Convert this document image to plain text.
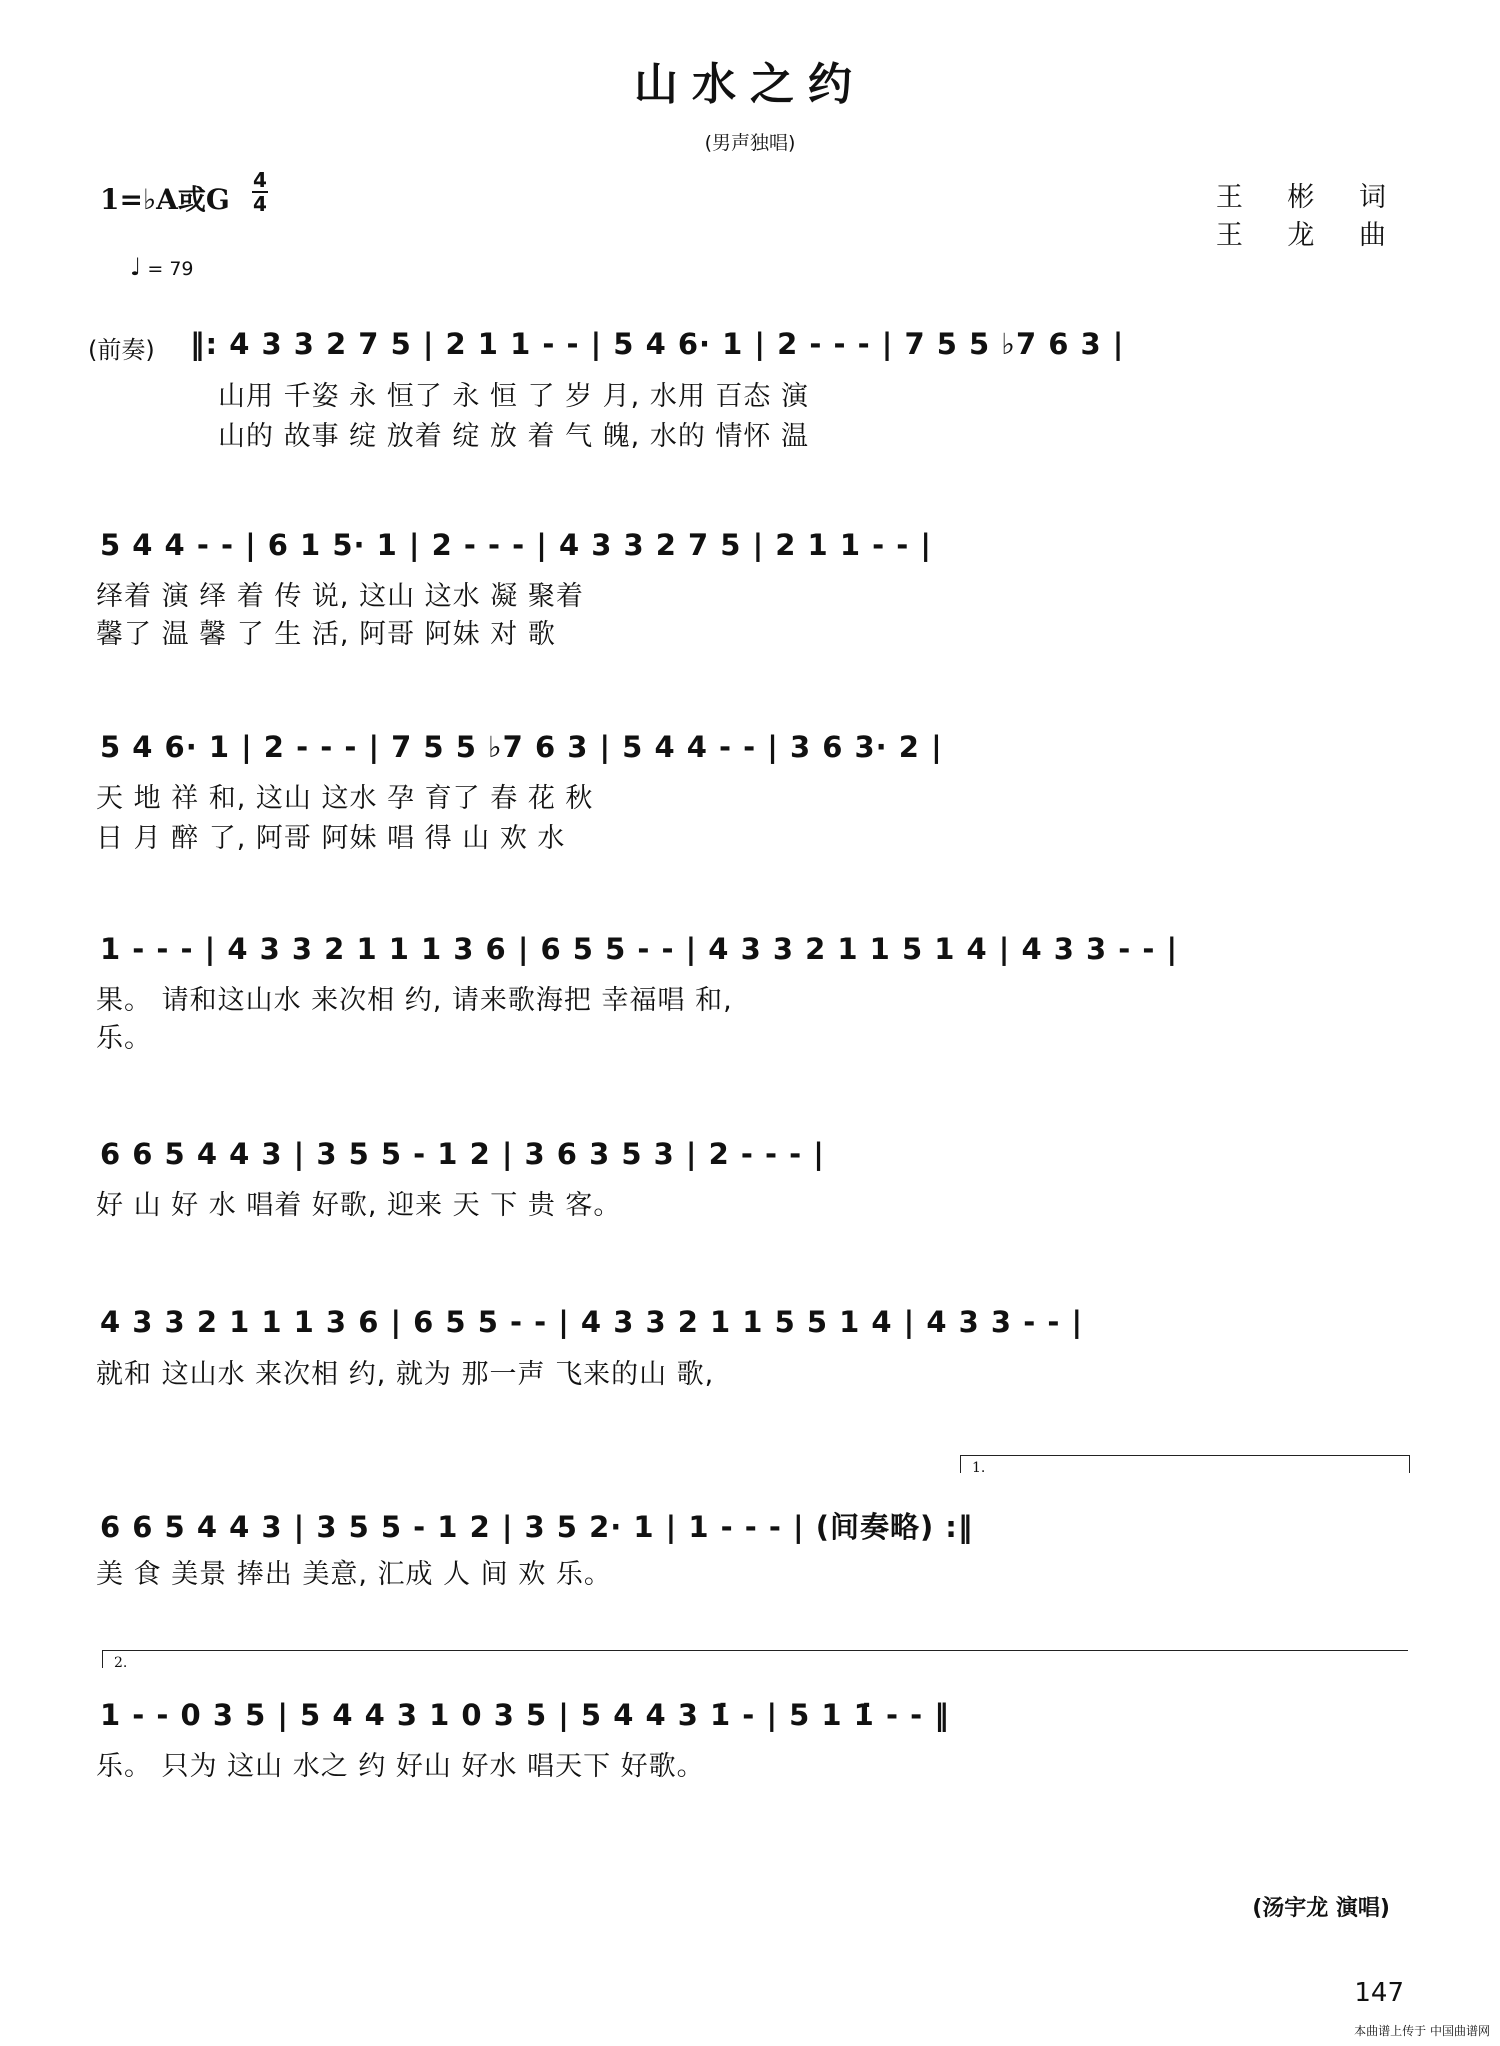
山水之约
(男声独唱)
1=♭A或G
4
4
♩ = 79
王 彬 词
王 龙 曲
(前奏) ‖: 4 3 3 2 7 5 | 2 1 1 - - | 5 4 6· 1 | 2 - - - | 7 5 5 ♭7 6 3 |
山用 千姿 永 恒了 永 恒 了 岁 月, 水用 百态 演
山的 故事 绽 放着 绽 放 着 气 魄, 水的 情怀 温
5 4 4 - - | 6 1 5· 1 | 2 - - - | 4 3 3 2 7 5 | 2 1 1 - - |
绎着 演 绎 着 传 说, 这山 这水 凝 聚着
馨了 温 馨 了 生 活, 阿哥 阿妹 对 歌
5 4 6· 1 | 2 - - - | 7 5 5 ♭7 6 3 | 5 4 4 - - | 3 6 3· 2 |
天 地 祥 和, 这山 这水 孕 育了 春 花 秋
日 月 醉 了, 阿哥 阿妹 唱 得 山 欢 水
1 - - - | 4 3 3 2 1 1 1 3 6 | 6 5 5 - - | 4 3 3 2 1 1 5 1 4 | 4 3 3 - - |
果。 请和这山水 来次相 约, 请来歌海把 幸福唱 和,
乐。
6 6 5 4 4 3 | 3 5 5 - 1 2 | 3 6 3 5 3 | 2 - - - |
好 山 好 水 唱着 好歌, 迎来 天 下 贵 客。
4 3 3 2 1 1 1 3 6 | 6 5 5 - - | 4 3 3 2 1 1 5 5 1 4 | 4 3 3 - - |
就和 这山水 来次相 约, 就为 那一声 飞来的山 歌,
1.
6 6 5 4 4 3 | 3 5 5 - 1 2 | 3 5 2· 1 | 1 - - - | (间奏略) :‖
美 食 美景 捧出 美意, 汇成 人 间 欢 乐。
2.
1 - - 0 3 5 | 5 4 4 3 1 0 3 5 | 5 4 4 3 1̇ - | 5 1 1̇ - - ‖
乐。 只为 这山 水之 约 好山 好水 唱天下 好歌。
(汤宇龙 演唱)
147
本曲谱上传于 中国曲谱网
